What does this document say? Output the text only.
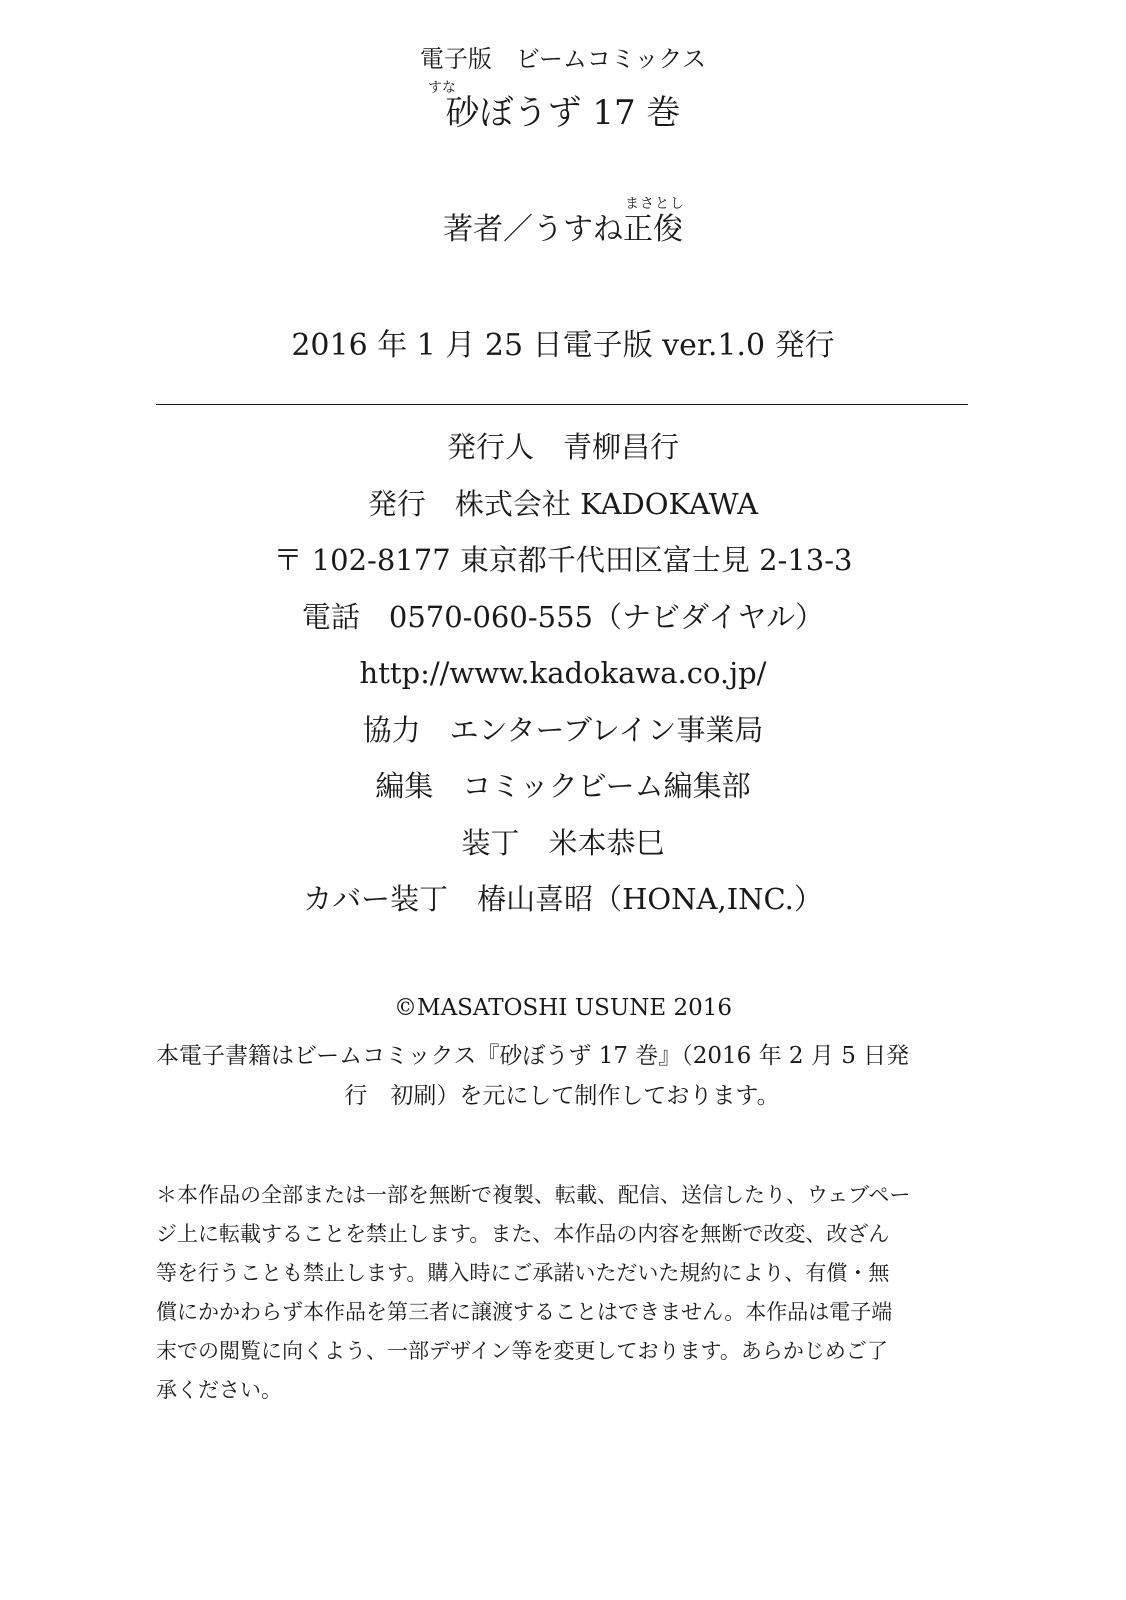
電子版　ビームコミックス
すな
砂ぼうず 17 巻
まさとし
著者／うすね正俊
2016 年 1 月 25 日電子版 ver.1.0 発行
発行人　青柳昌行
発行　株式会社 KADOKAWA
〒 102-8177 東京都千代田区富士見 2-13-3
電話　0570-060-555（ナビダイヤル）
http://www.kadokawa.co.jp/
協力　エンターブレイン事業局
編集　コミックビーム編集部
装丁　米本恭巳
カバー装丁　椿山喜昭（HONA,INC.）
©MASATOSHI USUNE 2016
本電子書籍はビームコミックス『砂ぼうず 17 巻』（2016 年 2 月 5 日発
行　初刷）を元にして制作しております。
＊本作品の全部または一部を無断で複製、転載、配信、送信したり、ウェブペー
ジ上に転載することを禁止します。また、本作品の内容を無断で改変、改ざん
等を行うことも禁止します。購入時にご承諾いただいた規約により、有償・無
償にかかわらず本作品を第三者に譲渡することはできません。本作品は電子端
末での閲覧に向くよう、一部デザイン等を変更しております。あらかじめご了
承ください。
